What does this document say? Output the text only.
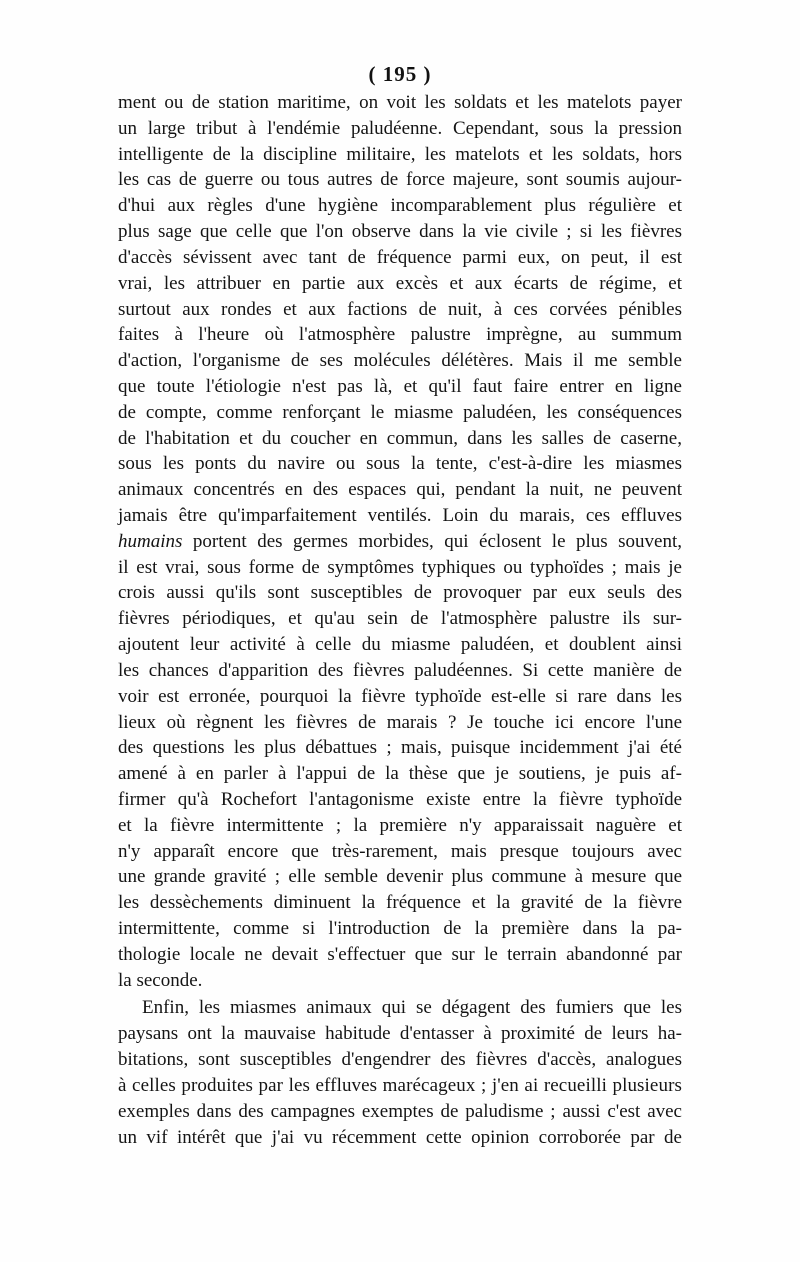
( 195 )
ment ou de station maritime, on voit les soldats et les matelots payer
un large tribut à l'endémie paludéenne. Cependant, sous la pression
intelligente de la discipline militaire, les matelots et les soldats, hors
les cas de guerre ou tous autres de force majeure, sont soumis aujour-
d'hui aux règles d'une hygiène incomparablement plus régulière et
plus sage que celle que l'on observe dans la vie civile ; si les fièvres
d'accès sévissent avec tant de fréquence parmi eux, on peut, il est
vrai, les attribuer en partie aux excès et aux écarts de régime, et
surtout aux rondes et aux factions de nuit, à ces corvées pénibles
faites à l'heure où l'atmosphère palustre imprègne, au summum
d'action, l'organisme de ses molécules délétères. Mais il me semble
que toute l'étiologie n'est pas là, et qu'il faut faire entrer en ligne
de compte, comme renforçant le miasme paludéen, les conséquences
de l'habitation et du coucher en commun, dans les salles de caserne,
sous les ponts du navire ou sous la tente, c'est-à-dire les miasmes
animaux concentrés en des espaces qui, pendant la nuit, ne peuvent
jamais être qu'imparfaitement ventilés. Loin du marais, ces effluves
humains portent des germes morbides, qui éclosent le plus souvent,
il est vrai, sous forme de symptômes typhiques ou typhoïdes ; mais je
crois aussi qu'ils sont susceptibles de provoquer par eux seuls des
fièvres périodiques, et qu'au sein de l'atmosphère palustre ils sur-
ajoutent leur activité à celle du miasme paludéen, et doublent ainsi
les chances d'apparition des fièvres paludéennes. Si cette manière de
voir est erronée, pourquoi la fièvre typhoïde est-elle si rare dans les
lieux où règnent les fièvres de marais ? Je touche ici encore l'une
des questions les plus débattues ; mais, puisque incidemment j'ai été
amené à en parler à l'appui de la thèse que je soutiens, je puis af-
firmer qu'à Rochefort l'antagonisme existe entre la fièvre typhoïde
et la fièvre intermittente ; la première n'y apparaissait naguère et
n'y apparaît encore que très-rarement, mais presque toujours avec
une grande gravité ; elle semble devenir plus commune à mesure que
les dessèchements diminuent la fréquence et la gravité de la fièvre
intermittente, comme si l'introduction de la première dans la pa-
thologie locale ne devait s'effectuer que sur le terrain abandonné par
la seconde.
Enfin, les miasmes animaux qui se dégagent des fumiers que les
paysans ont la mauvaise habitude d'entasser à proximité de leurs ha-
bitations, sont susceptibles d'engendrer des fièvres d'accès, analogues
à celles produites par les effluves marécageux ; j'en ai recueilli plusieurs
exemples dans des campagnes exemptes de paludisme ; aussi c'est avec
un vif intérêt que j'ai vu récemment cette opinion corroborée par de
